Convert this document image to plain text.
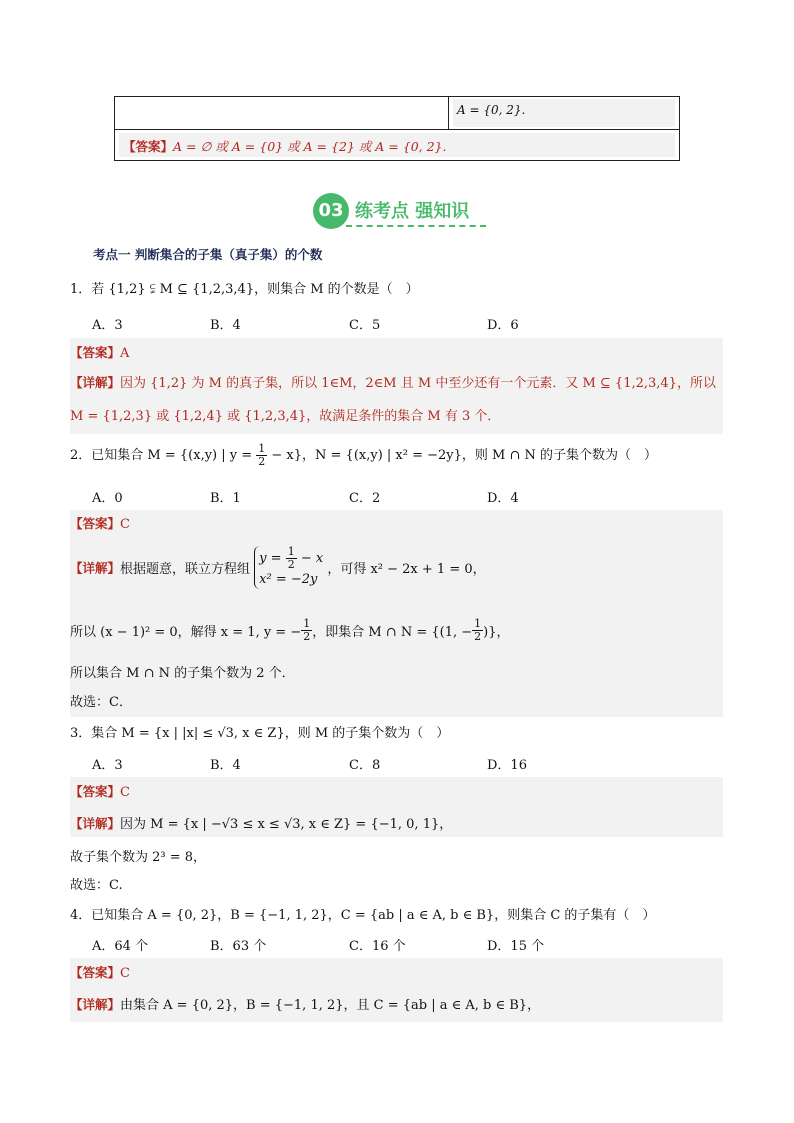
A = {0, 2}.
【答案】A = ∅ 或 A = {0} 或 A = {2} 或 A = {0, 2}.
03 练考点 强知识
考点一 判断集合的子集（真子集）的个数
1．若 {1,2} ⫋ M ⊆ {1,2,3,4}，则集合 M 的个数是（　）
A．3	B．4	C．5	D．6
【答案】A
【详解】因为 {1,2} 为 M 的真子集，所以 1∈M，2∈M 且 M 中至少还有一个元素．又 M ⊆ {1,2,3,4}，所以
M = {1,2,3} 或 {1,2,4} 或 {1,2,3,4}，故满足条件的集合 M 有 3 个．
2．已知集合 M = {(x,y) | $y = \frac{1}{2} - x$}，N = {(x,y) | x² = −2y}，则 M ∩ N 的子集个数为（　）
A．0	B．1	C．2	D．4
【答案】C
【详解】根据题意，联立方程组
$y = \frac{1}{2} - x$
x² = −2y
，可得 x² − 2x + 1 = 0，
所以 (x − 1)² = 0，解得 x = 1, y = − $\frac{1}{2}$ ，即集合 M ∩ N = {(1, − $\frac{1}{2}$ )}，
所以集合 M ∩ N 的子集个数为 2 个．
故选：C．
3．集合 M = {x | |x| ≤ √3, x ∈ Z}，则 M 的子集个数为（　）
A．3	B．4	C．8	D．16
【答案】C
【详解】因为 M = {x | −√3 ≤ x ≤ √3, x ∈ Z} = {−1, 0, 1}，
故子集个数为 2³ = 8，
故选：C.
4．已知集合 A = {0, 2}，B = {−1, 1, 2}，C = {ab | a ∈ A, b ∈ B}，则集合 C 的子集有（　）
A．64 个	B．63 个	C．16 个	D．15 个
【答案】C
【详解】由集合 A = {0, 2}，B = {−1, 1, 2}，且 C = {ab | a ∈ A, b ∈ B}，
